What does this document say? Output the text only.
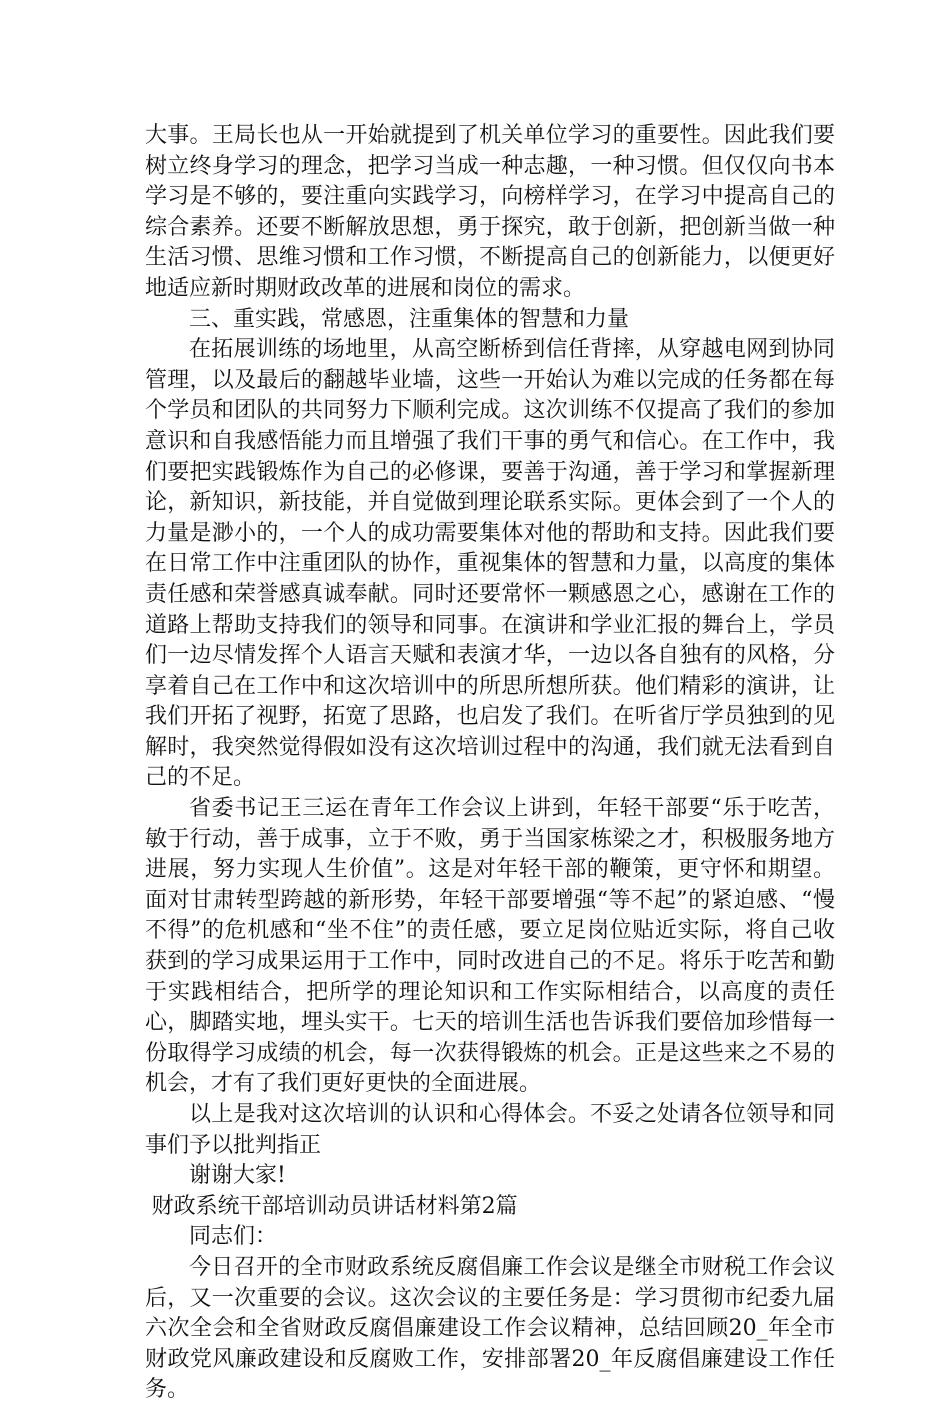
大事。王局长也从一开始就提到了机关单位学习的重要性。因此我们要树立终身学习的理念，把学习当成一种志趣，一种习惯。但仅仅向书本学习是不够的，要注重向实践学习，向榜样学习，在学习中提高自己的综合素养。还要不断解放思想，勇于探究，敢于创新，把创新当做一种生活习惯、思维习惯和工作习惯，不断提高自己的创新能力，以便更好地适应新时期财政改革的进展和岗位的需求。

三、重实践，常感恩，注重集体的智慧和力量

在拓展训练的场地里，从高空断桥到信任背摔，从穿越电网到协同管理，以及最后的翻越毕业墙，这些一开始认为难以完成的任务都在每个学员和团队的共同努力下顺利完成。这次训练不仅提高了我们的参加意识和自我感悟能力而且增强了我们干事的勇气和信心。在工作中，我们要把实践锻炼作为自己的必修课，要善于沟通，善于学习和掌握新理论，新知识，新技能，并自觉做到理论联系实际。更体会到了一个人的力量是渺小的，一个人的成功需要集体对他的帮助和支持。因此我们要在日常工作中注重团队的协作，重视集体的智慧和力量，以高度的集体责任感和荣誉感真诚奉献。同时还要常怀一颗感恩之心，感谢在工作的道路上帮助支持我们的领导和同事。在演讲和学业汇报的舞台上，学员们一边尽情发挥个人语言天赋和表演才华，一边以各自独有的风格，分享着自己在工作中和这次培训中的所思所想所获。他们精彩的演讲，让我们开拓了视野，拓宽了思路，也启发了我们。在听省厅学员独到的见解时，我突然觉得假如没有这次培训过程中的沟通，我们就无法看到自己的不足。

省委书记王三运在青年工作会议上讲到，年轻干部要“乐于吃苦，敏于行动，善于成事，立于不败，勇于当国家栋梁之才，积极服务地方进展，努力实现人生价值”。这是对年轻干部的鞭策，更守怀和期望。面对甘肃转型跨越的新形势，年轻干部要增强“等不起”的紧迫感、“慢不得”的危机感和“坐不住”的责任感，要立足岗位贴近实际，将自己收获到的学习成果运用于工作中，同时改进自己的不足。将乐于吃苦和勤于实践相结合，把所学的理论知识和工作实际相结合，以高度的责任心，脚踏实地，埋头实干。七天的培训生活也告诉我们要倍加珍惜每一份取得学习成绩的机会，每一次获得锻炼的机会。正是这些来之不易的机会，才有了我们更好更快的全面进展。

以上是我对这次培训的认识和心得体会。不妥之处请各位领导和同事们予以批判指正

谢谢大家!

财政系统干部培训动员讲话材料第2篇

同志们：

今日召开的全市财政系统反腐倡廉工作会议是继全市财税工作会议后，又一次重要的会议。这次会议的主要任务是：学习贯彻市纪委九届六次全会和全省财政反腐倡廉建设工作会议精神，总结回顾20_年全市财政党风廉政建设和反腐败工作，安排部署20_年反腐倡廉建设工作任务。
